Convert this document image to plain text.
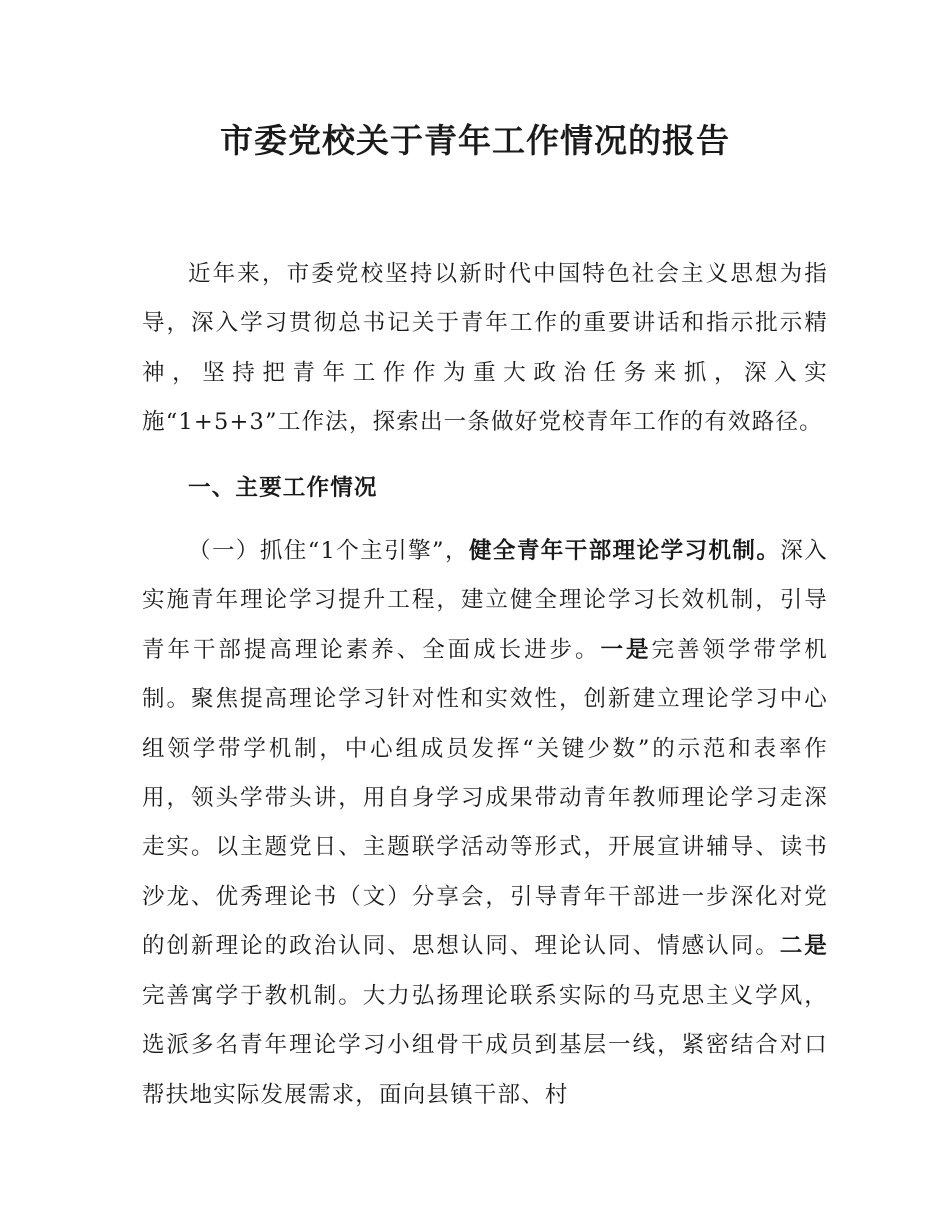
市委党校关于青年工作情况的报告

近年来，市委党校坚持以新时代中国特色社会主义思想为指导，深入学习贯彻总书记关于青年工作的重要讲话和指示批示精神，坚持把青年工作作为重大政治任务来抓，深入实施“1+5+3”工作法，探索出一条做好党校青年工作的有效路径。

一、主要工作情况

（一）抓住“1个主引擎”，健全青年干部理论学习机制。深入实施青年理论学习提升工程，建立健全理论学习长效机制，引导青年干部提高理论素养、全面成长进步。一是完善领学带学机制。聚焦提高理论学习针对性和实效性，创新建立理论学习中心组领学带学机制，中心组成员发挥“关键少数”的示范和表率作用，领头学带头讲，用自身学习成果带动青年教师理论学习走深走实。以主题党日、主题联学活动等形式，开展宣讲辅导、读书沙龙、优秀理论书（文）分享会，引导青年干部进一步深化对党的创新理论的政治认同、思想认同、理论认同、情感认同。二是完善寓学于教机制。大力弘扬理论联系实际的马克思主义学风，选派多名青年理论学习小组骨干成员到基层一线，紧密结合对口帮扶地实际发展需求，面向县镇干部、村
